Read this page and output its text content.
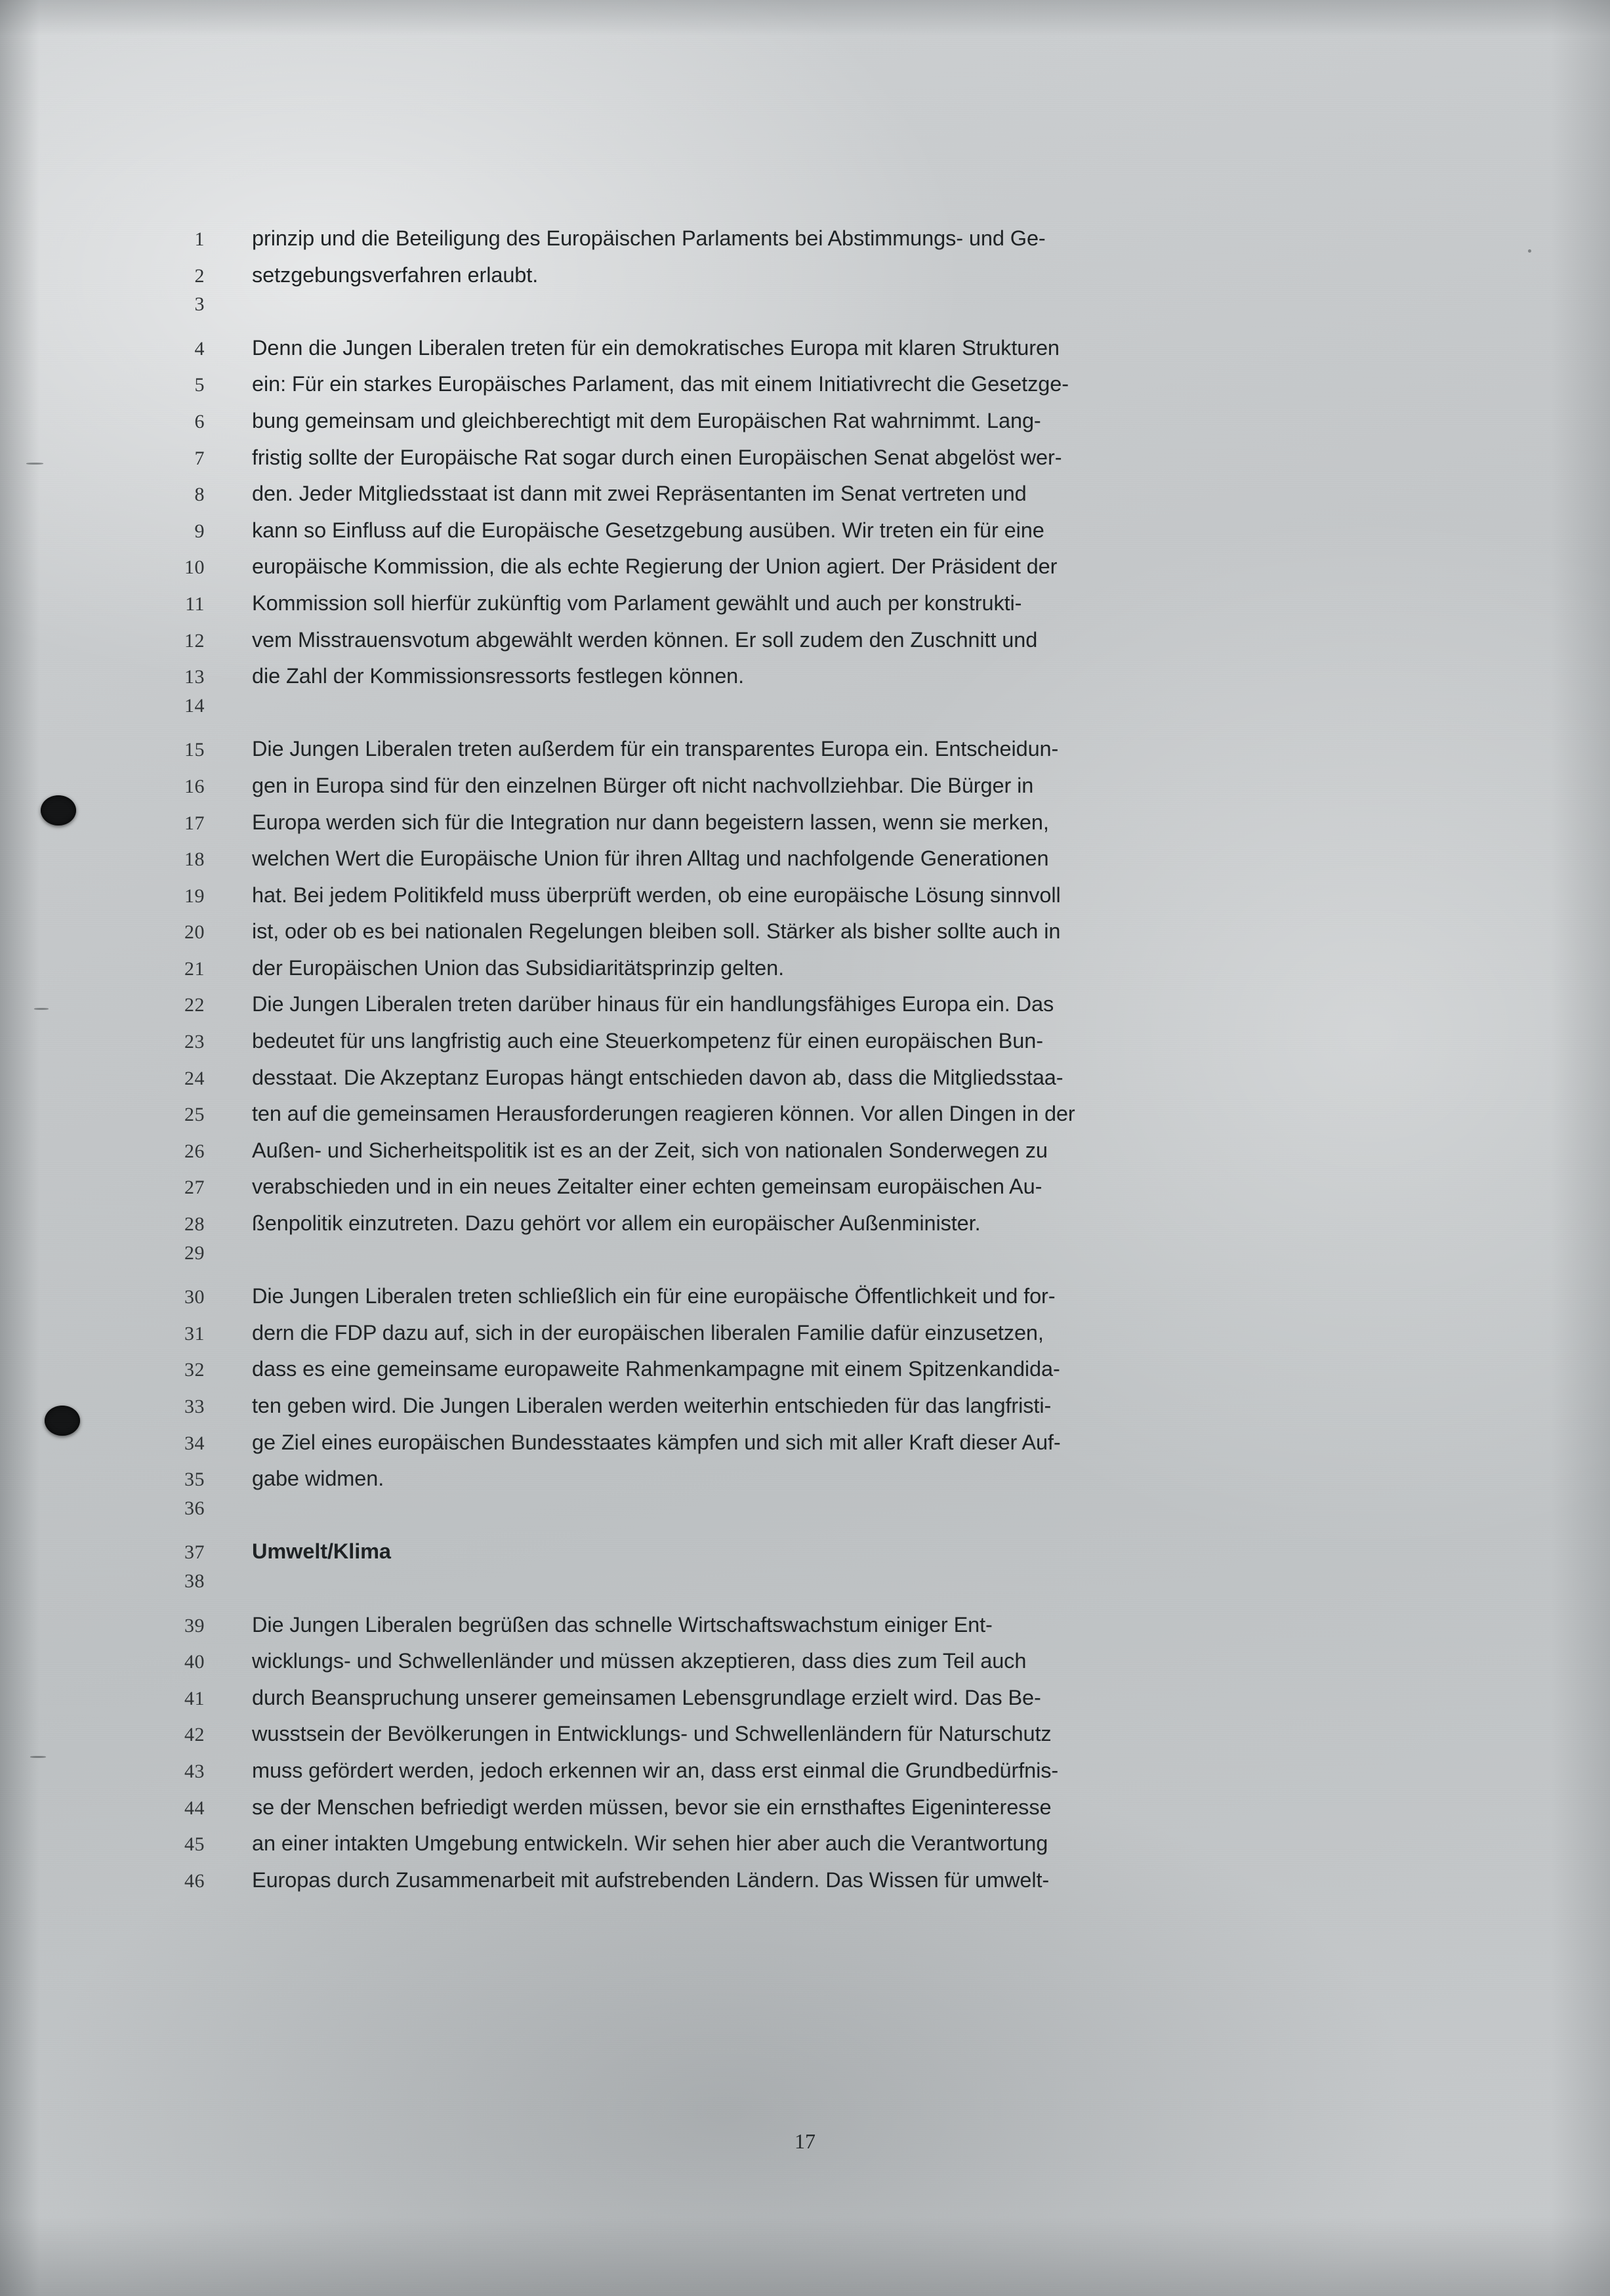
1	prinzip und die Beteiligung des Europäischen Parlaments bei Abstimmungs- und Ge-
2	setzgebungsverfahren erlaubt.
3
4	Denn die Jungen Liberalen treten für ein demokratisches Europa mit klaren Strukturen
5	ein: Für ein starkes Europäisches Parlament, das mit einem Initiativrecht die Gesetzge-
6	bung gemeinsam und gleichberechtigt mit dem Europäischen Rat wahrnimmt. Lang-
7	fristig sollte der Europäische Rat sogar durch einen Europäischen Senat abgelöst wer-
8	den. Jeder Mitgliedsstaat ist dann mit zwei Repräsentanten im Senat vertreten und
9	kann so Einfluss auf die Europäische Gesetzgebung ausüben. Wir treten ein für eine
10	europäische Kommission, die als echte Regierung der Union agiert. Der Präsident der
11	Kommission soll hierfür zukünftig vom Parlament gewählt und auch per konstrukti-
12	vem Misstrauensvotum abgewählt werden können. Er soll zudem den Zuschnitt und
13	die Zahl der Kommissionsressorts festlegen können.
14
15	Die Jungen Liberalen treten außerdem für ein transparentes Europa ein. Entscheidun-
16	gen in Europa sind für den einzelnen Bürger oft nicht nachvollziehbar. Die Bürger in
17	Europa werden sich für die Integration nur dann begeistern lassen, wenn sie merken,
18	welchen Wert die Europäische Union für ihren Alltag und nachfolgende Generationen
19	hat. Bei jedem Politikfeld muss überprüft werden, ob eine europäische Lösung sinnvoll
20	ist, oder ob es bei nationalen Regelungen bleiben soll. Stärker als bisher sollte auch in
21	der Europäischen Union das Subsidiaritätsprinzip gelten.
22	Die Jungen Liberalen treten darüber hinaus für ein handlungsfähiges Europa ein. Das
23	bedeutet für uns langfristig auch eine Steuerkompetenz für einen europäischen Bun-
24	desstaat. Die Akzeptanz Europas hängt entschieden davon ab, dass die Mitgliedsstaa-
25	ten auf die gemeinsamen Herausforderungen reagieren können. Vor allen Dingen in der
26	Außen- und Sicherheitspolitik ist es an der Zeit, sich von nationalen Sonderwegen zu
27	verabschieden und in ein neues Zeitalter einer echten gemeinsam europäischen Au-
28	ßenpolitik einzutreten. Dazu gehört vor allem ein europäischer Außenminister.
29
30	Die Jungen Liberalen treten schließlich ein für eine europäische Öffentlichkeit und for-
31	dern die FDP dazu auf, sich in der europäischen liberalen Familie dafür einzusetzen,
32	dass es eine gemeinsame europaweite Rahmenkampagne mit einem Spitzenkandida-
33	ten geben wird. Die Jungen Liberalen werden weiterhin entschieden für das langfristi-
34	ge Ziel eines europäischen Bundesstaates kämpfen und sich mit aller Kraft dieser Auf-
35	gabe widmen.
36
37	Umwelt/Klima
38
39	Die Jungen Liberalen begrüßen das schnelle Wirtschaftswachstum einiger Ent-
40	wicklungs- und Schwellenländer und müssen akzeptieren, dass dies zum Teil auch
41	durch Beanspruchung unserer gemeinsamen Lebensgrundlage erzielt wird. Das Be-
42	wusstsein der Bevölkerungen in Entwicklungs- und Schwellenländern für Naturschutz
43	muss gefördert werden, jedoch erkennen wir an, dass erst einmal die Grundbedürfnis-
44	se der Menschen befriedigt werden müssen, bevor sie ein ernsthaftes Eigeninteresse
45	an einer intakten Umgebung entwickeln. Wir sehen hier aber auch die Verantwortung
46	Europas durch Zusammenarbeit mit aufstrebenden Ländern. Das Wissen für umwelt-
17
